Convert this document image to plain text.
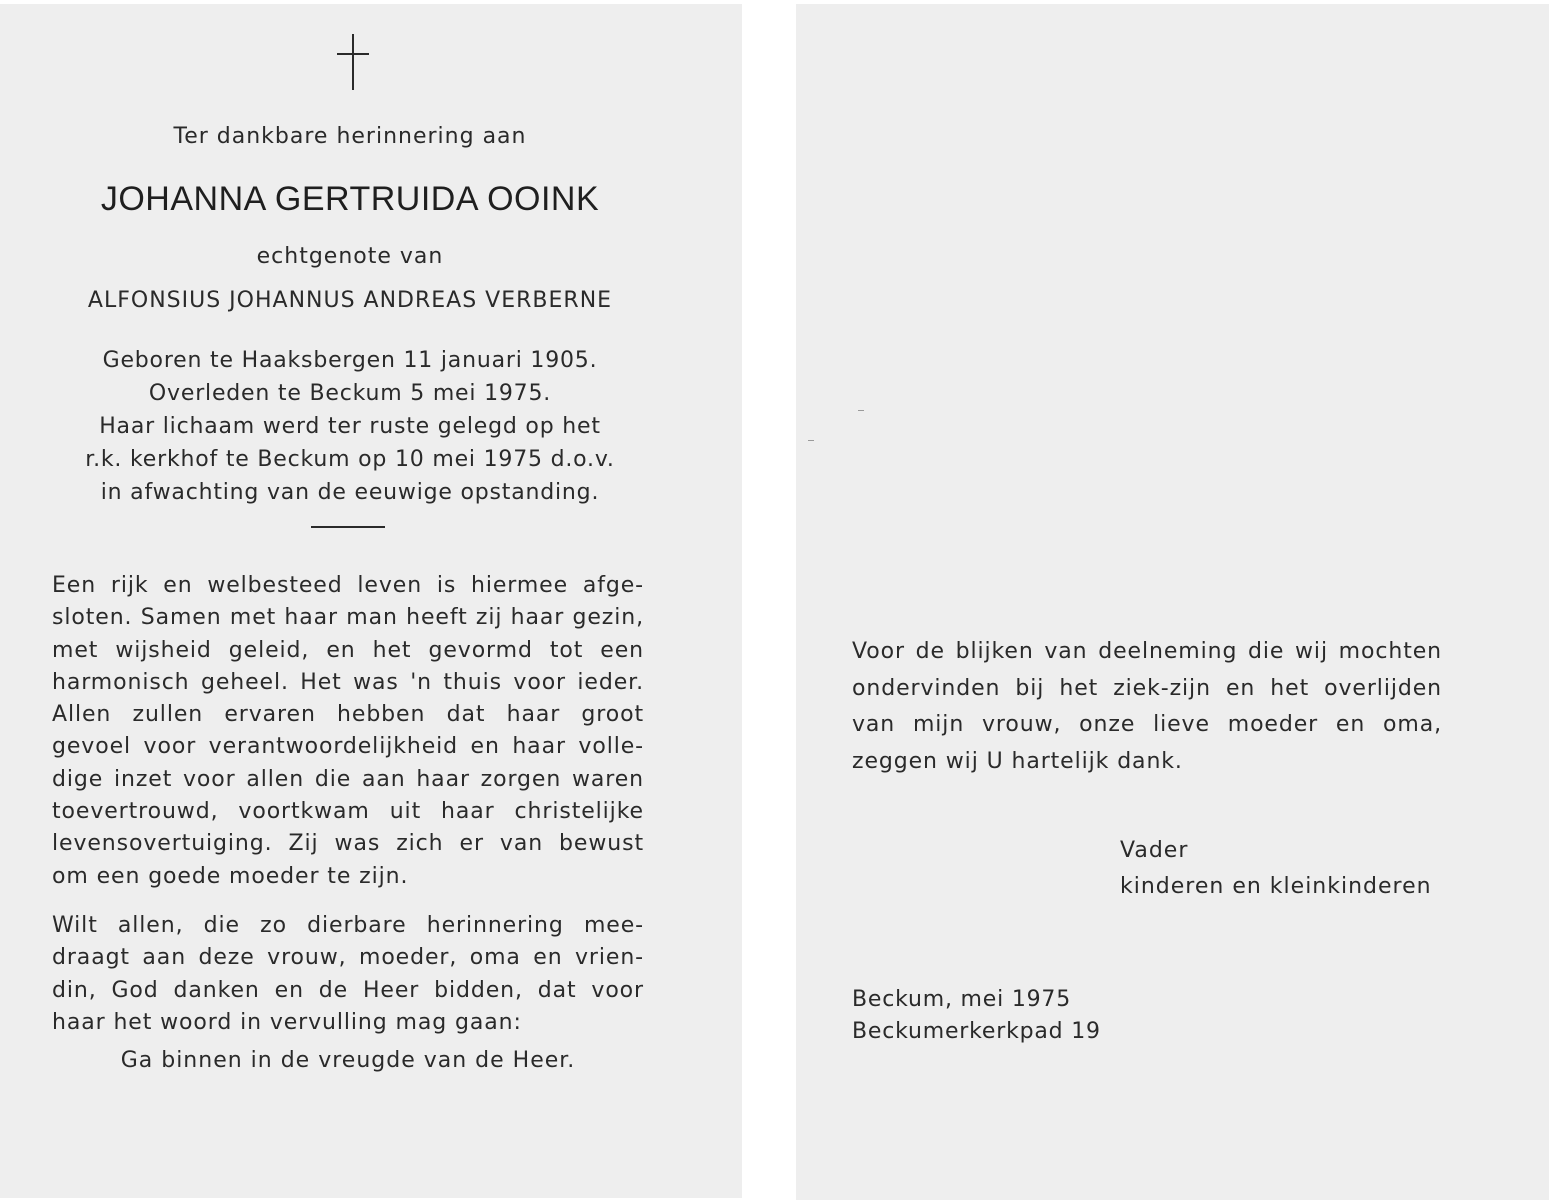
Ter dankbare herinnering aan
JOHANNA GERTRUIDA OOINK
echtgenote van
ALFONSIUS JOHANNUS ANDREAS VERBERNE
Geboren te Haaksbergen 11 januari 1905.
Overleden te Beckum 5 mei 1975.
Haar lichaam werd ter ruste gelegd op het
r.k. kerkhof te Beckum op 10 mei 1975 d.o.v.
in afwachting van de eeuwige opstanding.
Een rijk en welbesteed leven is hiermee afge-
sloten. Samen met haar man heeft zij haar gezin,
met wijsheid geleid, en het gevormd tot een
harmonisch geheel. Het was 'n thuis voor ieder.
Allen zullen ervaren hebben dat haar groot
gevoel voor verantwoordelijkheid en haar volle-
dige inzet voor allen die aan haar zorgen waren
toevertrouwd, voortkwam uit haar christelijke
levensovertuiging. Zij was zich er van bewust
om een goede moeder te zijn.
Wilt allen, die zo dierbare herinnering mee-
draagt aan deze vrouw, moeder, oma en vrien-
din, God danken en de Heer bidden, dat voor
haar het woord in vervulling mag gaan:
Ga binnen in de vreugde van de Heer.
Voor de blijken van deelneming die wij mochten
ondervinden bij het ziek-zijn en het overlijden
van mijn vrouw, onze lieve moeder en oma,
zeggen wij U hartelijk dank.
Vader
kinderen en kleinkinderen
Beckum, mei 1975
Beckumerkerkpad 19
